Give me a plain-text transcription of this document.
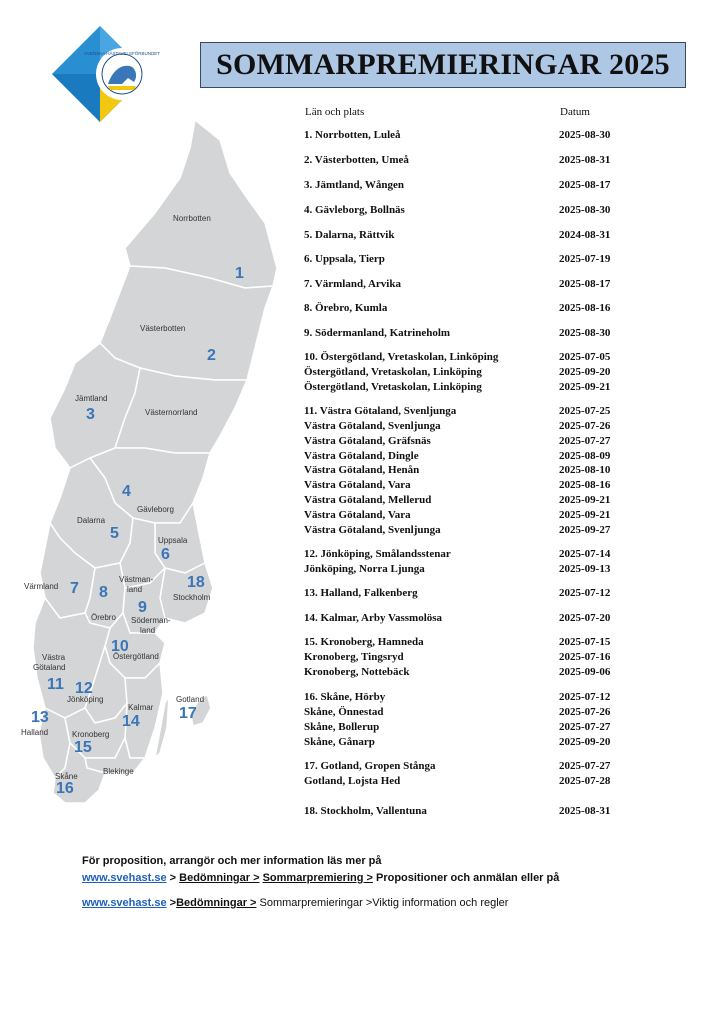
SVENSKA HÄSTAVELSFÖRBUNDET SOMMARPREMIERINGAR 2025
Norrbotten
Västerbotten
Jämtland
Västernorrland
Gävleborg
Dalarna
Uppsala
Värmland
Västman-
land
Stockholm
Örebro Söderman-
land
Östergötland
Västra
Götaland
Jönköping
Kalmar
Gotland
Halland	Kronoberg
Blekinge
Skåne
1
2
3
4
5
6
7 8
9
10
11 12
13	14
15
16
17
18
Län och plats	Datum
1. Norrbotten, Luleå	2025-08-30
2. Västerbotten, Umeå	2025-08-31
3. Jämtland, Wången	2025-08-17
4. Gävleborg, Bollnäs	2025-08-30
5. Dalarna, Rättvik	2024-08-31
6. Uppsala, Tierp	2025-07-19
7. Värmland, Arvika	2025-08-17
8. Örebro, Kumla	2025-08-16
9. Södermanland, Katrineholm	2025-08-30
10. Östergötland, Vretaskolan, Linköping	2025-07-05
Östergötland, Vretaskolan, Linköping	2025-09-20
Östergötland, Vretaskolan, Linköping	2025-09-21
11. Västra Götaland, Svenljunga	2025-07-25
Västra Götaland, Svenljunga	2025-07-26
Västra Götaland, Gräfsnäs	2025-07-27
Västra Götaland, Dingle	2025-08-09
Västra Götaland, Henån	2025-08-10
Västra Götaland, Vara	2025-08-16
Västra Götaland, Mellerud	2025-09-21
Västra Götaland, Vara	2025-09-21
Västra Götaland, Svenljunga	2025-09-27
12. Jönköping, Smålandsstenar	2025-07-14
Jönköping, Norra Ljunga	2025-09-13
13. Halland, Falkenberg	2025-07-12
14. Kalmar, Arby Vassmolösa	2025-07-20
15. Kronoberg, Hamneda	2025-07-15
Kronoberg, Tingsryd	2025-07-16
Kronoberg, Nottebäck	2025-09-06
16. Skåne, Hörby	2025-07-12
Skåne, Önnestad	2025-07-26
Skåne, Bollerup	2025-07-27
Skåne, Gånarp	2025-09-20
17. Gotland, Gropen Stånga	2025-07-27
Gotland, Lojsta Hed	2025-07-28
18. Stockholm, Vallentuna	2025-08-31
För proposition, arrangör och mer information läs mer på
www.svehast.se > Bedömningar > Sommarpremiering > Propositioner och anmälan eller på
www.svehast.se >Bedömningar > Sommarpremieringar >Viktig information och regler
